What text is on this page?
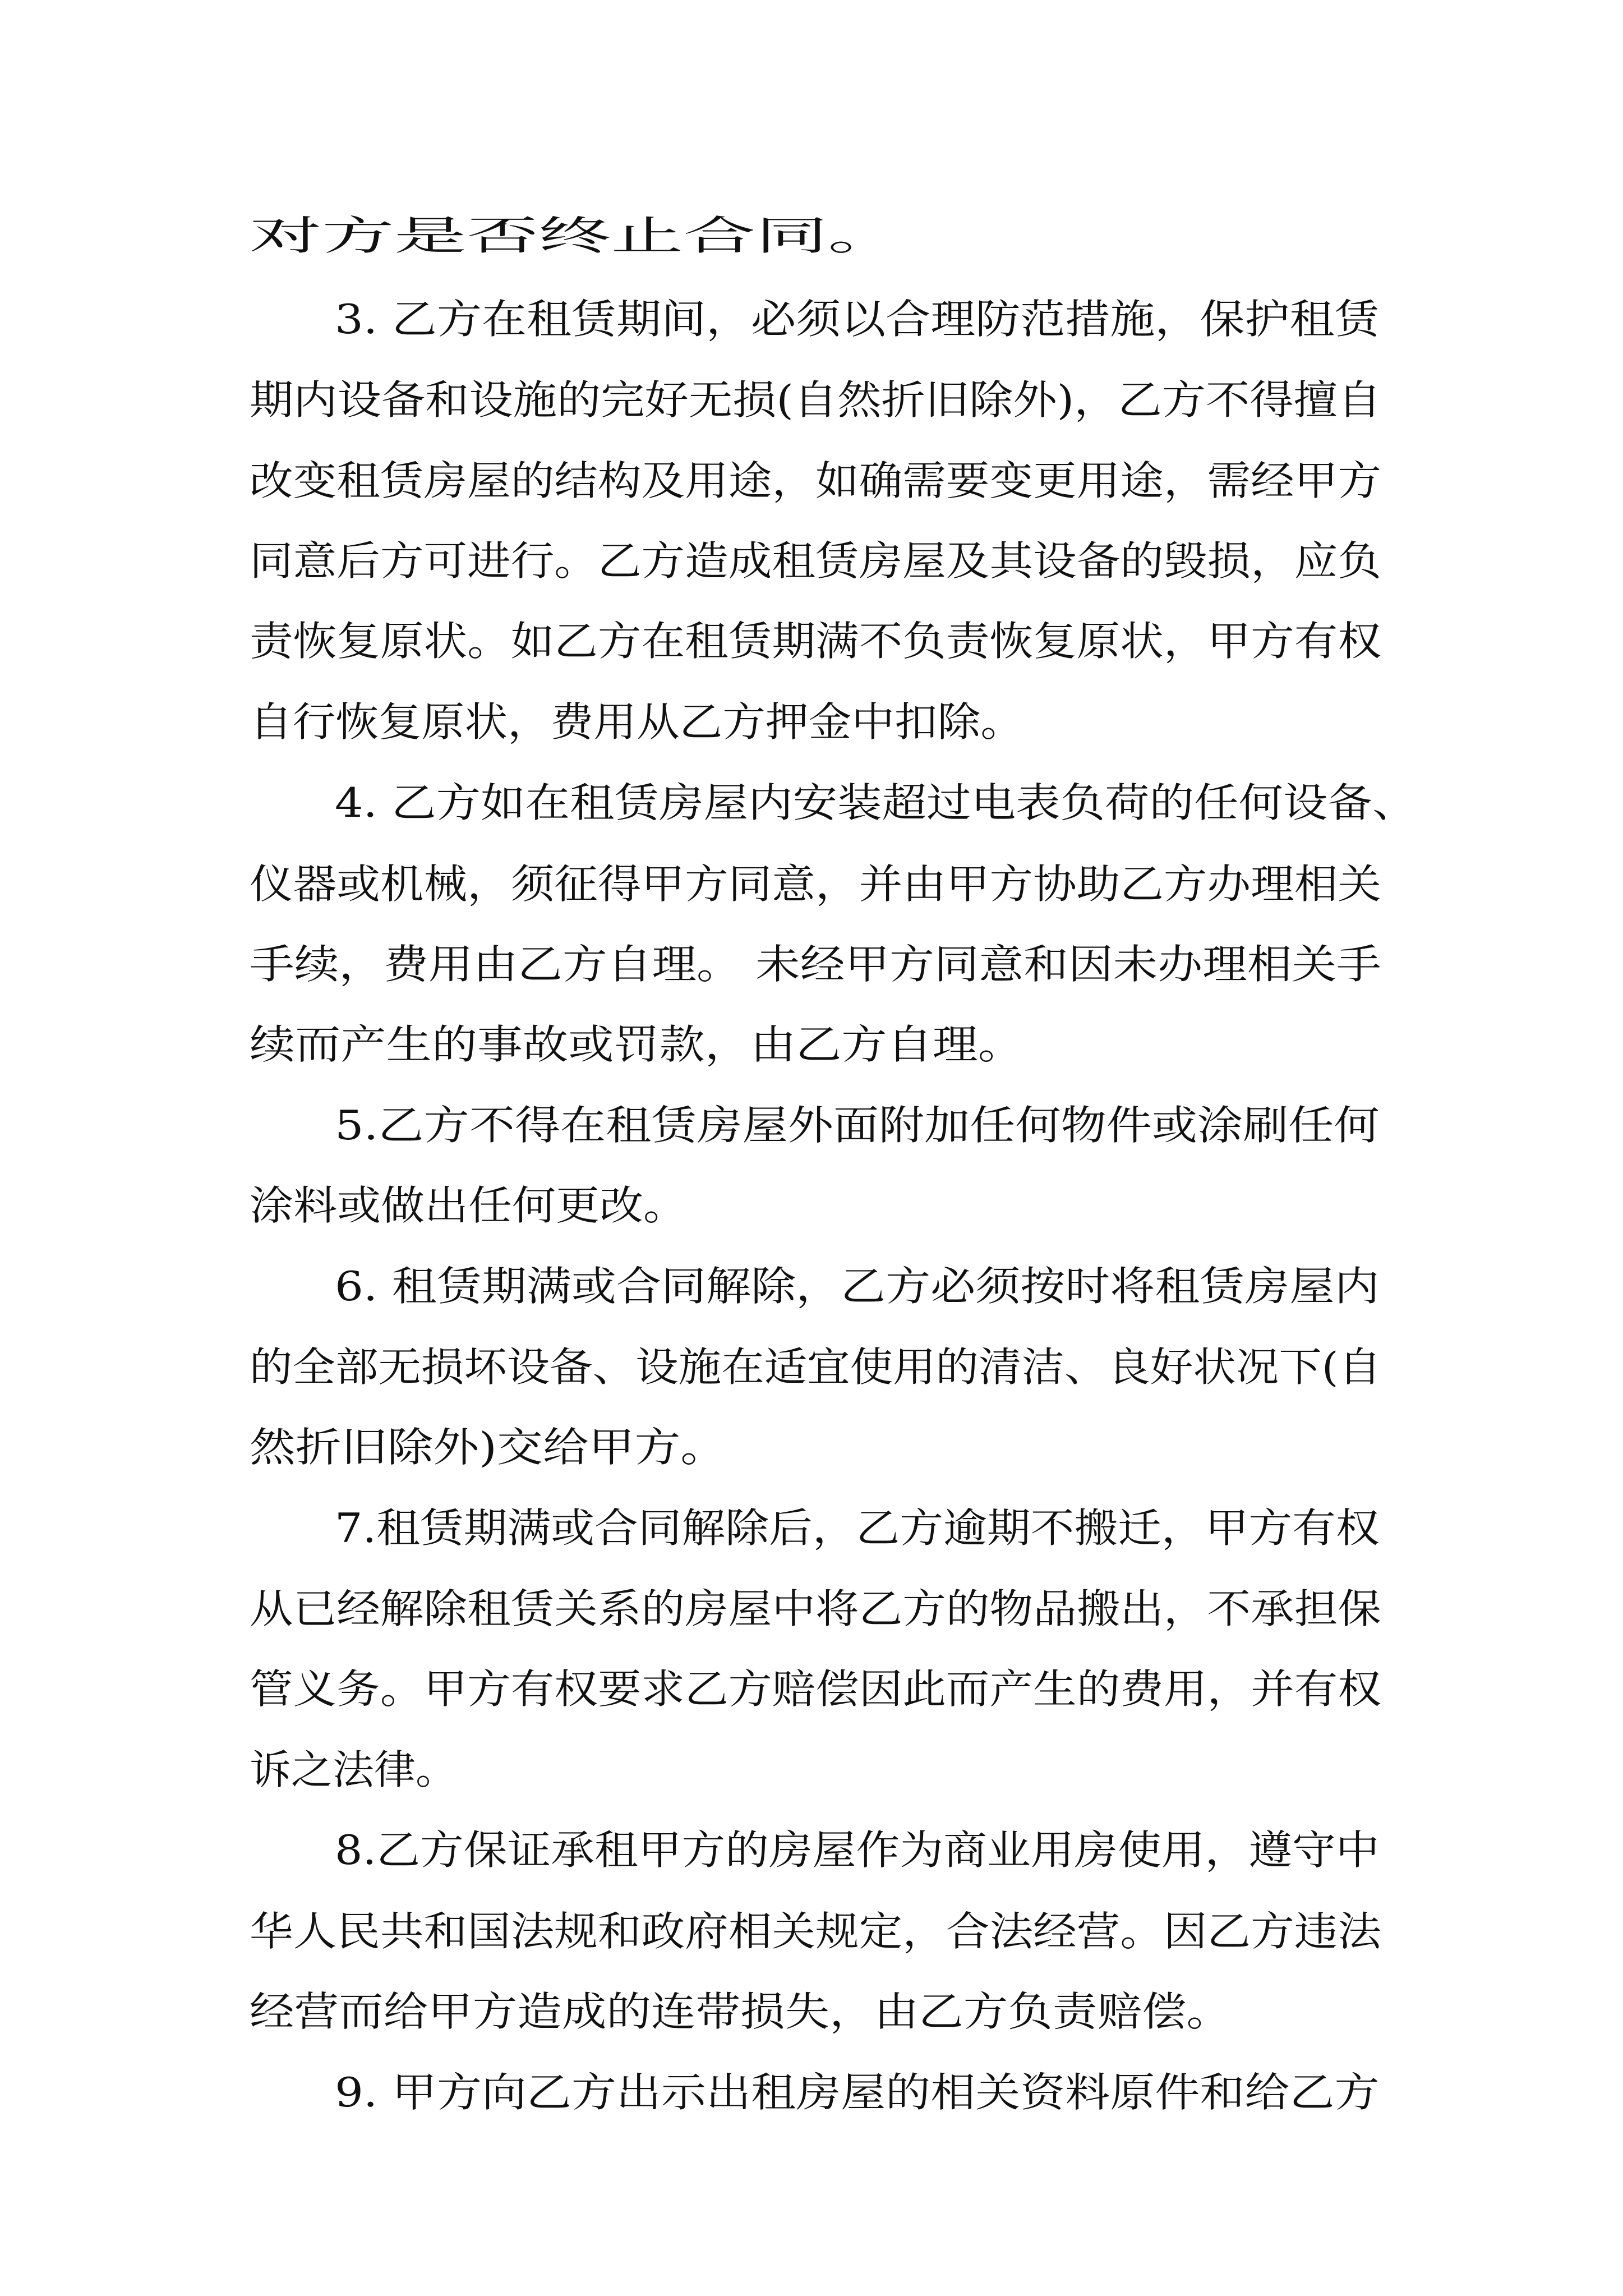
对方是否终止合同。

3. 乙方在租赁期间，必须以合理防范措施，保护租赁

期内设备和设施的完好无损(自然折旧除外)，乙方不得擅自

改变租赁房屋的结构及用途，如确需要变更用途，需经甲方

同意后方可进行。乙方造成租赁房屋及其设备的毁损，应负

责恢复原状。如乙方在租赁期满不负责恢复原状，甲方有权

自行恢复原状，费用从乙方押金中扣除。

4. 乙方如在租赁房屋内安装超过电表负荷的任何设备、

仪器或机械，须征得甲方同意，并由甲方协助乙方办理相关

手续，费用由乙方自理。 未经甲方同意和因未办理相关手

续而产生的事故或罚款，由乙方自理。

5.乙方不得在租赁房屋外面附加任何物件或涂刷任何

涂料或做出任何更改。

6. 租赁期满或合同解除，乙方必须按时将租赁房屋内

的全部无损坏设备、设施在适宜使用的清洁、良好状况下(自

然折旧除外)交给甲方。

7.租赁期满或合同解除后，乙方逾期不搬迁，甲方有权

从已经解除租赁关系的房屋中将乙方的物品搬出，不承担保

管义务。甲方有权要求乙方赔偿因此而产生的费用，并有权

诉之法律。

8.乙方保证承租甲方的房屋作为商业用房使用，遵守中

华人民共和国法规和政府相关规定，合法经营。因乙方违法

经营而给甲方造成的连带损失，由乙方负责赔偿。

9. 甲方向乙方出示出租房屋的相关资料原件和给乙方
